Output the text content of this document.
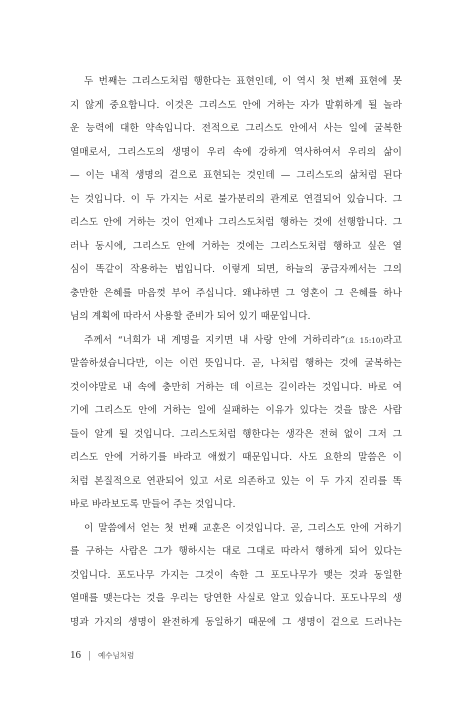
두 번째는 그리스도처럼 행한다는 표현인데, 이 역시 첫 번째 표현에 못
지 않게 중요합니다. 이것은 그리스도 안에 거하는 자가 발휘하게 될 놀라
운 능력에 대한 약속입니다. 전적으로 그리스도 안에서 사는 일에 굴복한
열매로서, 그리스도의 생명이 우리 속에 강하게 역사하여서 우리의 삶이
— 이는 내적 생명의 겉으로 표현되는 것인데 — 그리스도의 삶처럼 된다
는 것입니다. 이 두 가지는 서로 불가분리의 관계로 연결되어 있습니다. 그
리스도 안에 거하는 것이 언제나 그리스도처럼 행하는 것에 선행합니다. 그
러나 동시에, 그리스도 안에 거하는 것에는 그리스도처럼 행하고 싶은 열
심이 똑같이 작용하는 법입니다. 이렇게 되면, 하늘의 공급자께서는 그의
충만한 은혜를 마음껏 부어 주십니다. 왜냐하면 그 영혼이 그 은혜를 하나
님의 계획에 따라서 사용할 준비가 되어 있기 때문입니다.
주께서 “너희가 내 계명을 지키면 내 사랑 안에 거하리라”(요 15:10)라고
말씀하셨습니다만, 이는 이런 뜻입니다. 곧, 나처럼 행하는 것에 굴복하는
것이야말로 내 속에 충만히 거하는 데 이르는 길이라는 것입니다. 바로 여
기에 그리스도 안에 거하는 일에 실패하는 이유가 있다는 것을 많은 사람
들이 알게 될 것입니다. 그리스도처럼 행한다는 생각은 전혀 없이 그저 그
리스도 안에 거하기를 바라고 애썼기 때문입니다. 사도 요한의 말씀은 이
처럼 본질적으로 연관되어 있고 서로 의존하고 있는 이 두 가지 진리를 똑
바로 바라보도록 만들어 주는 것입니다.
이 말씀에서 얻는 첫 번째 교훈은 이것입니다. 곧, 그리스도 안에 거하기
를 구하는 사람은 그가 행하시는 대로 그대로 따라서 행하게 되어 있다는
것입니다. 포도나무 가지는 그것이 속한 그 포도나무가 맺는 것과 동일한
열매를 맺는다는 것을 우리는 당연한 사실로 알고 있습니다. 포도나무의 생
명과 가지의 생명이 완전하게 동일하기 때문에 그 생명이 겉으로 드러나는
16 | 예수님처럼
